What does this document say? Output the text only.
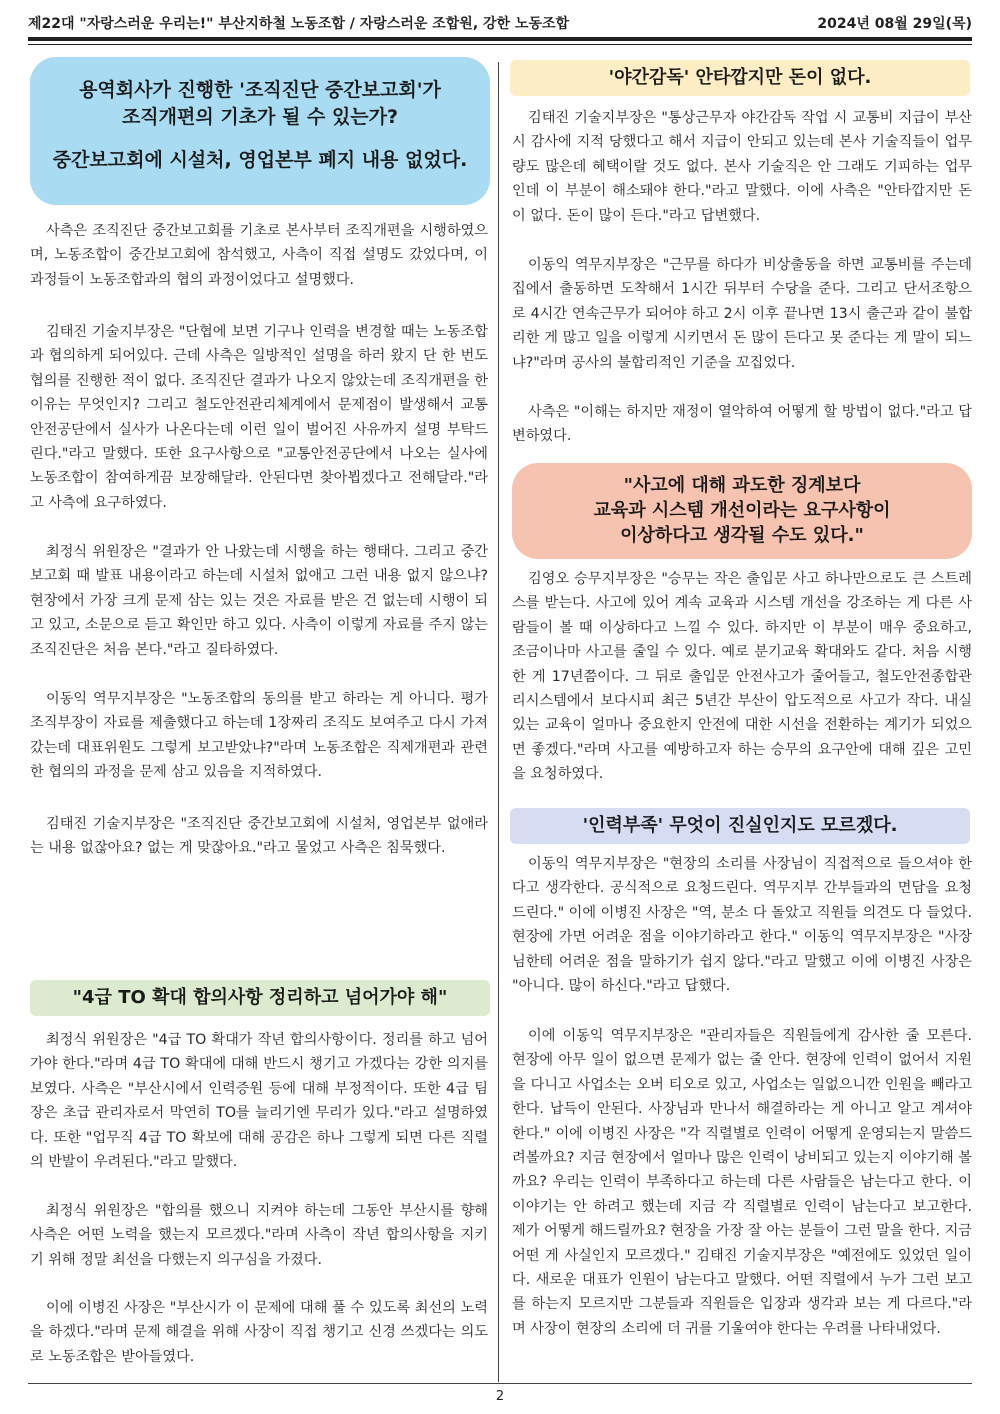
제22대 "자랑스러운 우리는!" 부산지하철 노동조합 / 자랑스러운 조합원, 강한 노동조합	2024년 08월 29일(목)
용역회사가 진행한 '조직진단 중간보고회'가
조직개편의 기초가 될 수 있는가?
중간보고회에 시설처, 영업본부 폐지 내용 없었다.

사측은 조직진단 중간보고회를 기초로 본사부터 조직개편을 시행하였으며, 노동조합이 중간보고회에 참석했고, 사측이 직접 설명도 갔었다며, 이 과정들이 노동조합과의 협의 과정이었다고 설명했다.

김태진 기술지부장은 "단협에 보면 기구나 인력을 변경할 때는 노동조합과 협의하게 되어있다. 근데 사측은 일방적인 설명을 하러 왔지 단 한 번도 협의를 진행한 적이 없다. 조직진단 결과가 나오지 않았는데 조직개편을 한 이유는 무엇인지? 그리고 철도안전관리체계에서 문제점이 발생해서 교통안전공단에서 실사가 나온다는데 이런 일이 벌어진 사유까지 설명 부탁드린다."라고 말했다. 또한 요구사항으로 "교통안전공단에서 나오는 실사에 노동조합이 참여하게끔 보장해달라. 안된다면 찾아뵙겠다고 전해달라."라고 사측에 요구하였다.

최정식 위원장은 "결과가 안 나왔는데 시행을 하는 행태다. 그리고 중간보고회 때 발표 내용이라고 하는데 시설처 없애고 그런 내용 없지 않으냐? 현장에서 가장 크게 문제 삼는 있는 것은 자료를 받은 건 없는데 시행이 되고 있고, 소문으로 듣고 확인만 하고 있다. 사측이 이렇게 자료를 주지 않는 조직진단은 처음 본다."라고 질타하였다.

이동익 역무지부장은 "노동조합의 동의를 받고 하라는 게 아니다. 평가조직부장이 자료를 제출했다고 하는데 1장짜리 조직도 보여주고 다시 가져갔는데 대표위원도 그렇게 보고받았냐?"라며 노동조합은 직제개편과 관련한 협의의 과정을 문제 삼고 있음을 지적하였다.

김태진 기술지부장은 "조직진단 중간보고회에 시설처, 영업본부 없애라는 내용 없잖아요? 없는 게 맞잖아요."라고 물었고 사측은 침묵했다.

"4급 TO 확대 합의사항 정리하고 넘어가야 해"

최정식 위원장은 "4급 TO 확대가 작년 합의사항이다. 정리를 하고 넘어가야 한다."라며 4급 TO 확대에 대해 반드시 챙기고 가겠다는 강한 의지를 보였다. 사측은 "부산시에서 인력증원 등에 대해 부정적이다. 또한 4급 팀장은 초급 관리자로서 막연히 TO를 늘리기엔 무리가 있다."라고 설명하였다. 또한 "업무직 4급 TO 확보에 대해 공감은 하나 그렇게 되면 다른 직렬의 반발이 우려된다."라고 말했다.

최정식 위원장은 "합의를 했으니 지켜야 하는데 그동안 부산시를 향해 사측은 어떤 노력을 했는지 모르겠다."라며 사측이 작년 합의사항을 지키기 위해 정말 최선을 다했는지 의구심을 가졌다.

이에 이병진 사장은 "부산시가 이 문제에 대해 풀 수 있도록 최선의 노력을 하겠다."라며 문제 해결을 위해 사장이 직접 챙기고 신경 쓰겠다는 의도로 노동조합은 받아들였다.

'야간감독' 안타깝지만 돈이 없다.

김태진 기술지부장은 "통상근무자 야간감독 작업 시 교통비 지급이 부산시 감사에 지적 당했다고 해서 지급이 안되고 있는데 본사 기술직들이 업무량도 많은데 혜택이랄 것도 없다. 본사 기술직은 안 그래도 기피하는 업무인데 이 부분이 해소돼야 한다."라고 말했다. 이에 사측은 "안타깝지만 돈이 없다. 돈이 많이 든다."라고 답변했다.

이동익 역무지부장은 "근무를 하다가 비상출동을 하면 교통비를 주는데 집에서 출동하면 도착해서 1시간 뒤부터 수당을 준다. 그리고 단서조항으로 4시간 연속근무가 되어야 하고 2시 이후 끝나면 13시 출근과 같이 불합리한 게 많고 일을 이렇게 시키면서 돈 많이 든다고 못 준다는 게 말이 되느냐?"라며 공사의 불합리적인 기준을 꼬집었다.

사측은 "이해는 하지만 재정이 열악하여 어떻게 할 방법이 없다."라고 답변하였다.

"사고에 대해 과도한 징계보다
교육과 시스템 개선이라는 요구사항이
이상하다고 생각될 수도 있다."

김영오 승무지부장은 "승무는 작은 출입문 사고 하나만으로도 큰 스트레스를 받는다. 사고에 있어 계속 교육과 시스템 개선을 강조하는 게 다른 사람들이 볼 때 이상하다고 느낄 수 있다. 하지만 이 부분이 매우 중요하고, 조금이나마 사고를 줄일 수 있다. 예로 분기교육 확대와도 같다. 처음 시행한 게 17년쯤이다. 그 뒤로 출입문 안전사고가 줄어들고, 철도안전종합관리시스템에서 보다시피 최근 5년간 부산이 압도적으로 사고가 작다. 내실 있는 교육이 얼마나 중요한지 안전에 대한 시선을 전환하는 계기가 되었으면 좋겠다."라며 사고를 예방하고자 하는 승무의 요구안에 대해 깊은 고민을 요청하였다.

'인력부족' 무엇이 진실인지도 모르겠다.

이동익 역무지부장은 "현장의 소리를 사장님이 직접적으로 들으셔야 한다고 생각한다. 공식적으로 요청드린다. 역무지부 간부들과의 면담을 요청드린다." 이에 이병진 사장은 "역, 분소 다 돌았고 직원들 의견도 다 들었다. 현장에 가면 어려운 점을 이야기하라고 한다." 이동익 역무지부장은 "사장님한테 어려운 점을 말하기가 쉽지 않다."라고 말했고 이에 이병진 사장은 "아니다. 많이 하신다."라고 답했다.

이에 이동익 역무지부장은 "관리자들은 직원들에게 감사한 줄 모른다. 현장에 아무 일이 없으면 문제가 없는 줄 안다. 현장에 인력이 없어서 지원을 다니고 사업소는 오버 티오로 있고, 사업소는 일없으니깐 인원을 빼라고 한다. 납득이 안된다. 사장님과 만나서 해결하라는 게 아니고 알고 계셔야 한다." 이에 이병진 사장은 "각 직렬별로 인력이 어떻게 운영되는지 말씀드려볼까요? 지금 현장에서 얼마나 많은 인력이 낭비되고 있는지 이야기해 볼까요? 우리는 인력이 부족하다고 하는데 다른 사람들은 남는다고 한다. 이 이야기는 안 하려고 했는데 지금 각 직렬별로 인력이 남는다고 보고한다. 제가 어떻게 해드릴까요? 현장을 가장 잘 아는 분들이 그런 말을 한다. 지금 어떤 게 사실인지 모르겠다." 김태진 기술지부장은 "예전에도 있었던 일이다. 새로운 대표가 인원이 남는다고 말했다. 어떤 직렬에서 누가 그런 보고를 하는지 모르지만 그분들과 직원들은 입장과 생각과 보는 게 다르다."라며 사장이 현장의 소리에 더 귀를 기울여야 한다는 우려를 나타내었다.

2
